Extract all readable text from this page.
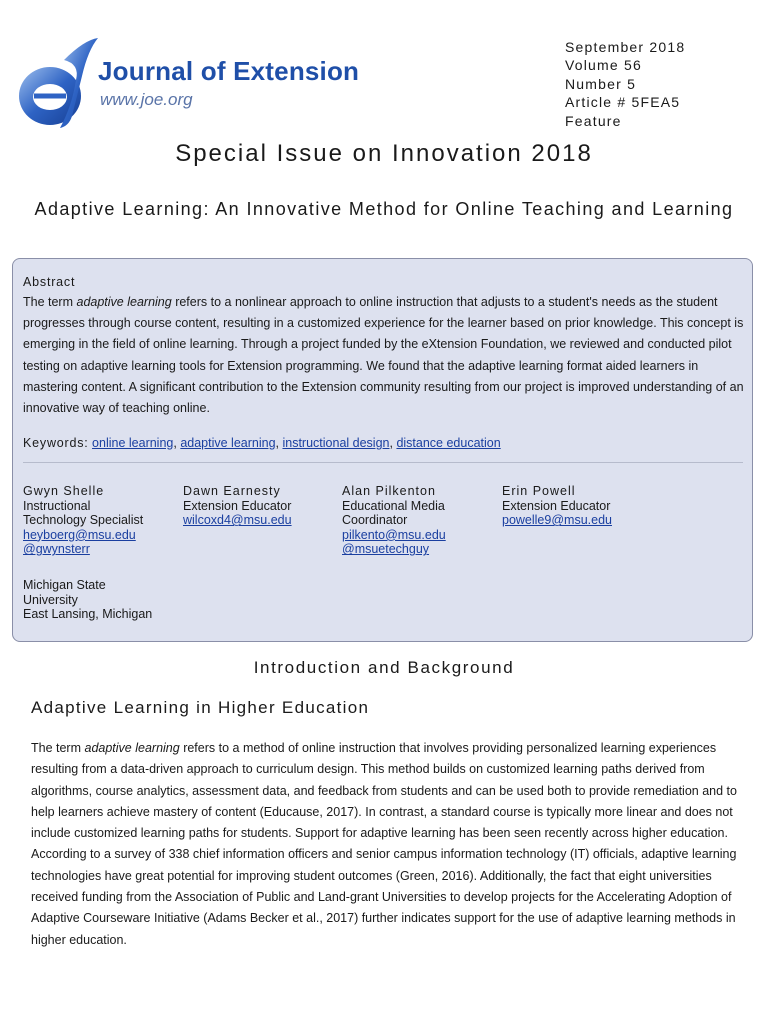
Journal of Extension
www.joe.org
September 2018
Volume 56
Number 5
Article # 5FEA5
Feature
Special Issue on Innovation 2018
Adaptive Learning: An Innovative Method for Online Teaching and Learning
Abstract
The term adaptive learning refers to a nonlinear approach to online instruction that adjusts to a student's needs as the student progresses through course content, resulting in a customized experience for the learner based on prior knowledge. This concept is emerging in the field of online learning. Through a project funded by the eXtension Foundation, we reviewed and conducted pilot testing on adaptive learning tools for Extension programming. We found that the adaptive learning format aided learners in mastering content. A significant contribution to the Extension community resulting from our project is improved understanding of an innovative way of teaching online.
Keywords: online learning, adaptive learning, instructional design, distance education
Gwyn Shelle
Instructional
Technology Specialist
heyboerg@msu.edu
@gwynsterr
Dawn Earnesty
Extension Educator
wilcoxd4@msu.edu
Alan Pilkenton
Educational Media
Coordinator
pilkento@msu.edu
@msuetechguy
Erin Powell
Extension Educator
powelle9@msu.edu
Michigan State
University
East Lansing, Michigan
Introduction and Background
Adaptive Learning in Higher Education
The term adaptive learning refers to a method of online instruction that involves providing personalized learning experiences resulting from a data-driven approach to curriculum design. This method builds on customized learning paths derived from algorithms, course analytics, assessment data, and feedback from students and can be used both to provide remediation and to help learners achieve mastery of content (Educause, 2017). In contrast, a standard course is typically more linear and does not include customized learning paths for students. Support for adaptive learning has been seen recently across higher education. According to a survey of 338 chief information officers and senior campus information technology (IT) officials, adaptive learning technologies have great potential for improving student outcomes (Green, 2016). Additionally, the fact that eight universities received funding from the Association of Public and Land-grant Universities to develop projects for the Accelerating Adoption of Adaptive Courseware Initiative (Adams Becker et al., 2017) further indicates support for the use of adaptive learning methods in higher education.
